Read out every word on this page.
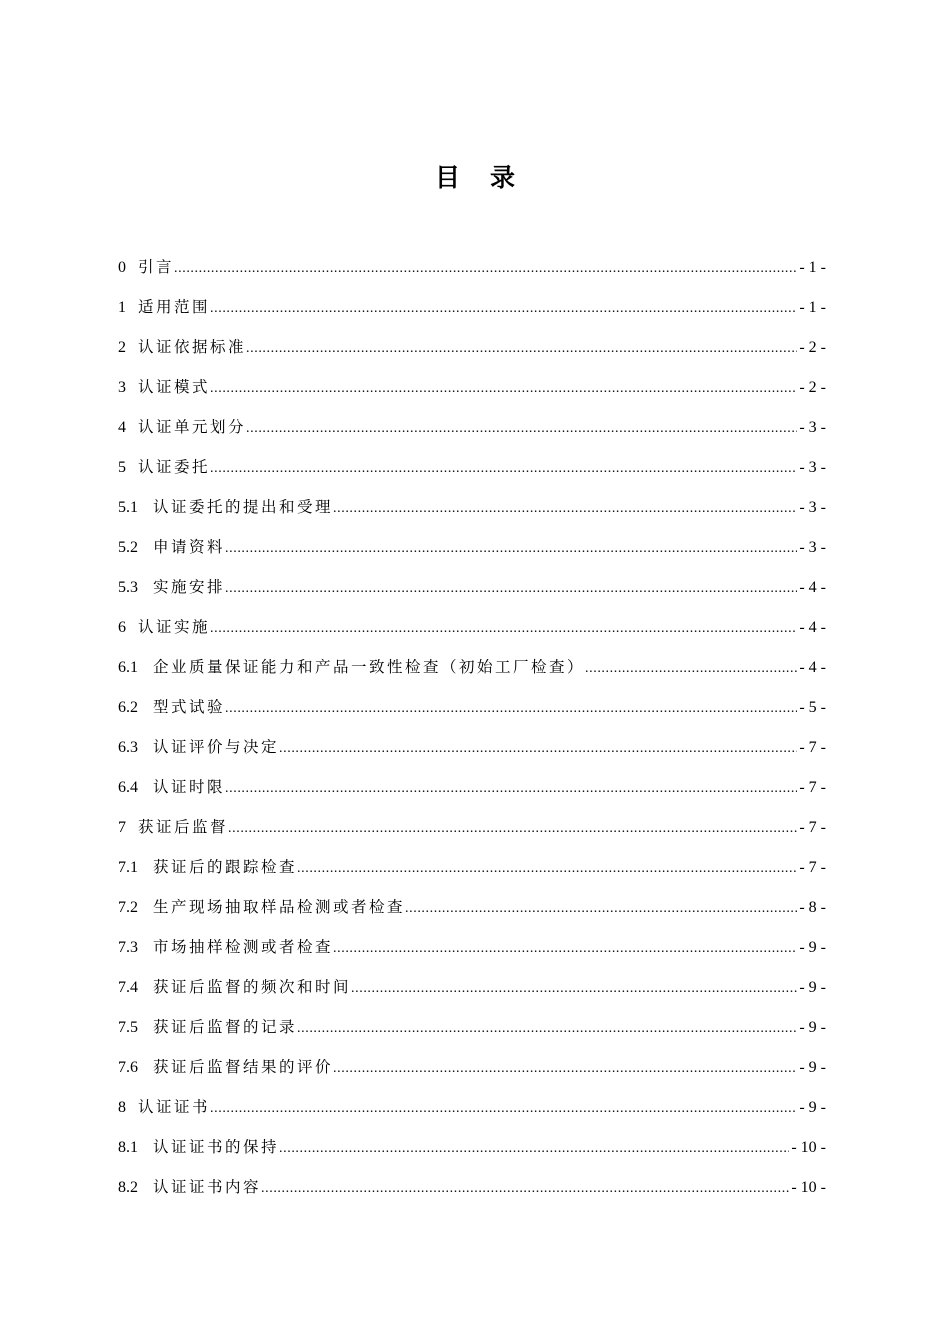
目 录
0 引言 .....	- 1 -
1 适用范围 .....	- 1 -
2 认证依据标准 .....	- 2 -
3 认证模式 .....	- 2 -
4 认证单元划分 .....	- 3 -
5 认证委托 .....	- 3 -
5.1 认证委托的提出和受理 .....	- 3 -
5.2 申请资料 .....	- 3 -
5.3 实施安排 .....	- 4 -
6 认证实施 .....	- 4 -
6.1 企业质量保证能力和产品一致性检查（初始工厂检查） .....	- 4 -
6.2 型式试验 .....	- 5 -
6.3 认证评价与决定 .....	- 7 -
6.4 认证时限 .....	- 7 -
7 获证后监督 .....	- 7 -
7.1 获证后的跟踪检查 .....	- 7 -
7.2 生产现场抽取样品检测或者检查 .....	- 8 -
7.3 市场抽样检测或者检查 .....	- 9 -
7.4 获证后监督的频次和时间 .....	- 9 -
7.5 获证后监督的记录 .....	- 9 -
7.6 获证后监督结果的评价 .....	- 9 -
8 认证证书 .....	- 9 -
8.1 认证证书的保持 .....	- 10 -
8.2 认证证书内容 .....	- 10 -
